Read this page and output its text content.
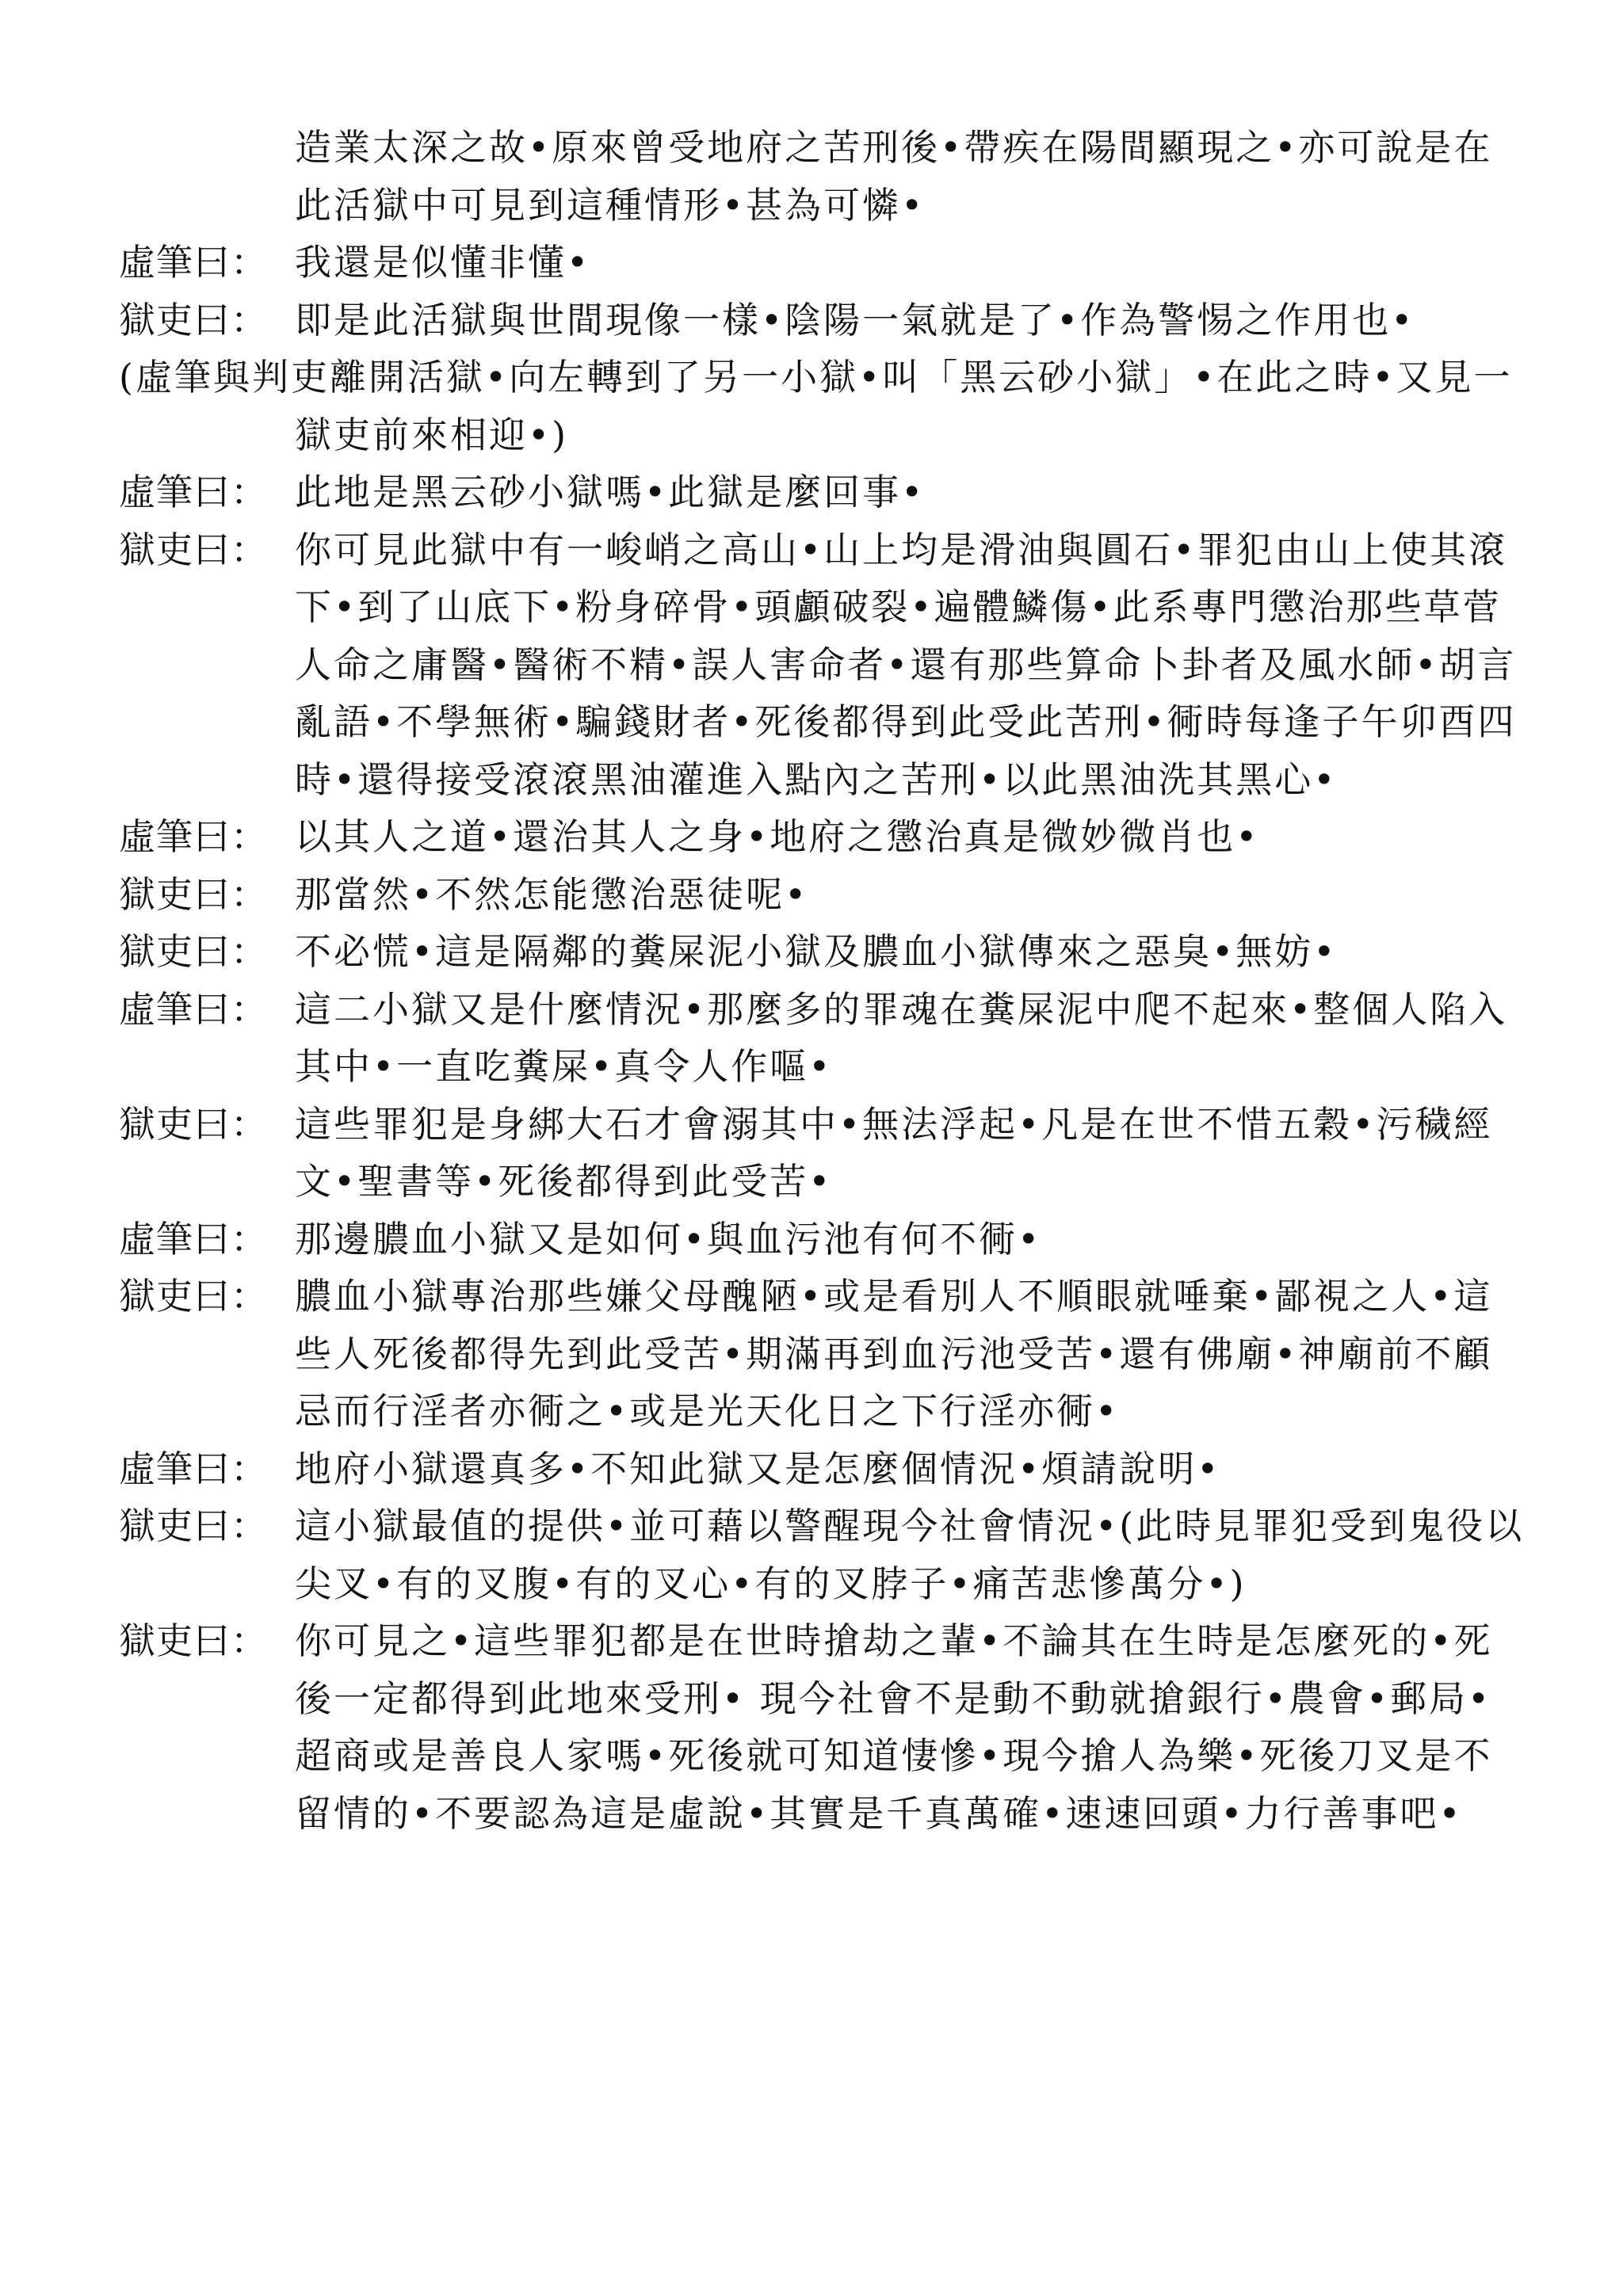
造業太深之故•原來曾受地府之苦刑後•帶疾在陽間顯現之•亦可說是在此活獄中可見到這種情形•甚為可憐•
虛筆曰： 我還是似懂非懂•
獄吏曰： 即是此活獄與世間現像一樣•陰陽一氣就是了•作為警惕之作用也•
(虛筆與判吏離開活獄•向左轉到了另一小獄•叫「黑云砂小獄」•在此之時•又見一獄吏前來相迎•)
虛筆曰： 此地是黑云砂小獄嗎•此獄是麼回事•
獄吏曰： 你可見此獄中有一峻峭之高山•山上均是滑油與圓石•罪犯由山上使其滾下•到了山底下•粉身碎骨•頭顱破裂•遍體鱗傷•此系專門懲治那些草菅人命之庸醫•醫術不精•誤人害命者•還有那些算命卜卦者及風水師•胡言亂語•不學無術•騙錢財者•死後都得到此受此苦刑•衕時每逢子午卯酉四時•還得接受滾滾黑油灌進入點內之苦刑•以此黑油洗其黑心•
虛筆曰： 以其人之道•還治其人之身•地府之懲治真是微妙微肖也•
獄吏曰： 那當然•不然怎能懲治惡徒呢•
獄吏曰： 不必慌•這是隔鄰的糞屎泥小獄及膿血小獄傳來之惡臭•無妨•
虛筆曰： 這二小獄又是什麼情況•那麼多的罪魂在糞屎泥中爬不起來•整個人陷入其中•一直吃糞屎•真令人作嘔•
獄吏曰： 這些罪犯是身綁大石才會溺其中•無法浮起•凡是在世不惜五穀•污穢經文•聖書等•死後都得到此受苦•
虛筆曰： 那邊膿血小獄又是如何•與血污池有何不衕•
獄吏曰： 膿血小獄專治那些嫌父母醜陋•或是看別人不順眼就唾棄•鄙視之人•這些人死後都得先到此受苦•期滿再到血污池受苦•還有佛廟•神廟前不顧忌而行淫者亦衕之•或是光天化日之下行淫亦衕•
虛筆曰： 地府小獄還真多•不知此獄又是怎麼個情況•煩請說明•
獄吏曰： 這小獄最值的提供•並可藉以警醒現今社會情況•(此時見罪犯受到鬼役以尖叉•有的叉腹•有的叉心•有的叉脖子•痛苦悲慘萬分•)
獄吏曰： 你可見之•這些罪犯都是在世時搶劫之輩•不論其在生時是怎麼死的•死後一定都得到此地來受刑• 現今社會不是動不動就搶銀行•農會•郵局•超商或是善良人家嗎•死後就可知道悽慘•現今搶人為樂•死後刀叉是不留情的•不要認為這是虛說•其實是千真萬確•速速回頭•力行善事吧•
